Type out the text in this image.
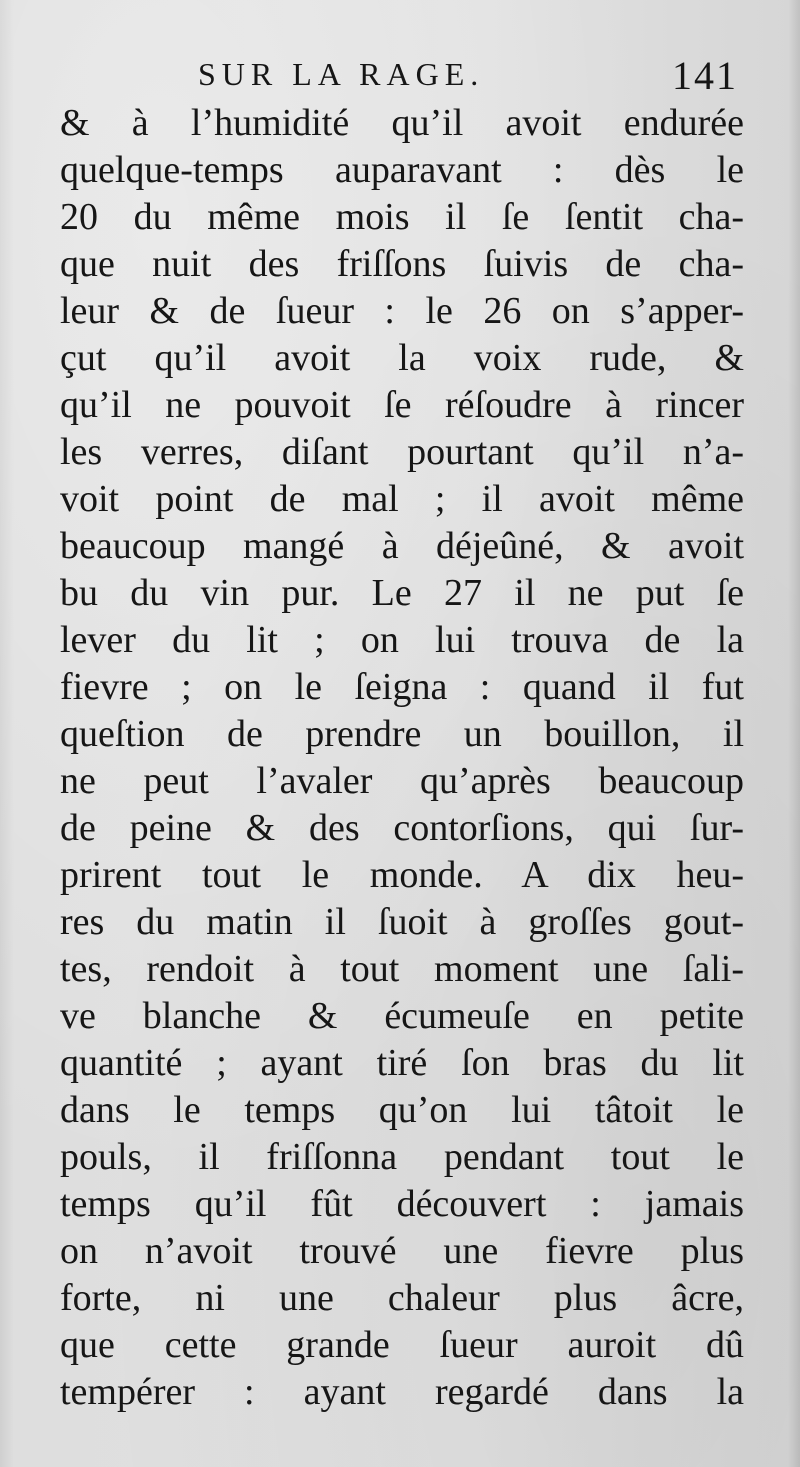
SUR LA RAGE.	141
& à l’humidité qu’il avoit endurée
quelque-temps auparavant : dès le
20 du même mois il ſe ſentit cha-
que nuit des friſſons ſuivis de cha-
leur & de ſueur : le 26 on s’apper-
çut qu’il avoit la voix rude, &
qu’il ne pouvoit ſe réſoudre à rincer
les verres, diſant pourtant qu’il n’a-
voit point de mal ; il avoit même
beaucoup mangé à déjeûné, & avoit
bu du vin pur. Le 27 il ne put ſe
lever du lit ; on lui trouva de la
fievre ; on le ſeigna : quand il fut
queſtion de prendre un bouillon, il
ne peut l’avaler qu’après beaucoup
de peine & des contorſions, qui ſur-
prirent tout le monde. A dix heu-
res du matin il ſuoit à groſſes gout-
tes, rendoit à tout moment une ſali-
ve blanche & écumeuſe en petite
quantité ; ayant tiré ſon bras du lit
dans le temps qu’on lui tâtoit le
pouls, il friſſonna pendant tout le
temps qu’il fût découvert : jamais
on n’avoit trouvé une fievre plus
forte, ni une chaleur plus âcre,
que cette grande ſueur auroit dû
tempérer : ayant regardé dans la
